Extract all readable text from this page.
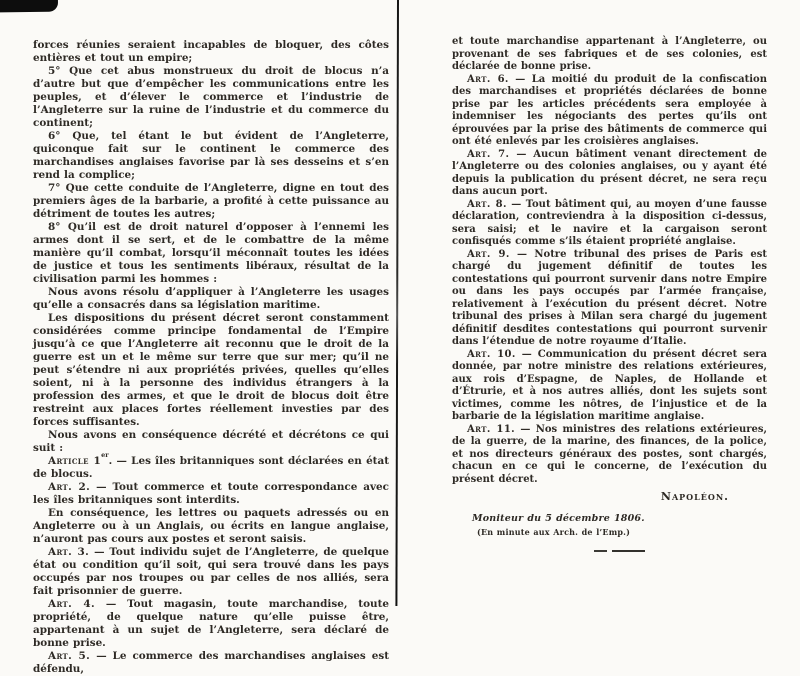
forces réunies seraient incapables de bloquer, des côtes entières et tout un empire;

5° Que cet abus monstrueux du droit de blocus n’a d’autre but que d’empêcher les communications entre les peuples, et d’élever le commerce et l’industrie de l’Angleterre sur la ruine de l’industrie et du commerce du continent;

6° Que, tel étant le but évident de l’Angleterre, quiconque fait sur le continent le commerce des marchandises anglaises favorise par là ses desseins et s’en rend la complice;

7° Que cette conduite de l’Angleterre, digne en tout des premiers âges de la barbarie, a profité à cette puissance au détriment de toutes les autres;

8° Qu’il est de droit naturel d’opposer à l’ennemi les armes dont il se sert, et de le combattre de la même manière qu’il combat, lorsqu’il méconnaît toutes les idées de justice et tous les sentiments libéraux, résultat de la civilisation parmi les hommes :

Nous avons résolu d’appliquer à l’Angleterre les usages qu’elle a consacrés dans sa législation maritime.

Les dispositions du présent décret seront constamment considérées comme principe fondamental de l’Empire jusqu’à ce que l’Angleterre ait reconnu que le droit de la guerre est un et le même sur terre que sur mer; qu’il ne peut s’étendre ni aux propriétés privées, quelles qu’elles soient, ni à la personne des individus étrangers à la profession des armes, et que le droit de blocus doit être restreint aux places fortes réellement investies par des forces suffisantes.

Nous avons en conséquence décrété et décrétons ce qui suit :

Article 1er. — Les îles britanniques sont déclarées en état de blocus.

Art. 2. — Tout commerce et toute correspondance avec les îles britanniques sont interdits.

En conséquence, les lettres ou paquets adressés ou en Angleterre ou à un Anglais, ou écrits en langue anglaise, n’auront pas cours aux postes et seront saisis.

Art. 3. — Tout individu sujet de l’Angleterre, de quelque état ou condition qu’il soit, qui sera trouvé dans les pays occupés par nos troupes ou par celles de nos alliés, sera fait prisonnier de guerre.

Art. 4. — Tout magasin, toute marchandise, toute propriété, de quelque nature qu’elle puisse être, appartenant à un sujet de l’Angleterre, sera déclaré de bonne prise.

Art. 5. — Le commerce des marchandises anglaises est défendu,

et toute marchandise appartenant à l’Angleterre, ou provenant de ses fabriques et de ses colonies, est déclarée de bonne prise.

Art. 6. — La moitié du produit de la confiscation des marchandises et propriétés déclarées de bonne prise par les articles précédents sera employée à indemniser les négociants des pertes qu’ils ont éprouvées par la prise des bâtiments de commerce qui ont été enlevés par les croisières anglaises.

Art. 7. — Aucun bâtiment venant directement de l’Angleterre ou des colonies anglaises, ou y ayant été depuis la publication du présent décret, ne sera reçu dans aucun port.

Art. 8. — Tout bâtiment qui, au moyen d’une fausse déclaration, contreviendra à la disposition ci-dessus, sera saisi; et le navire et la cargaison seront confisqués comme s’ils étaient propriété anglaise.

Art. 9. — Notre tribunal des prises de Paris est chargé du jugement définitif de toutes les contestations qui pourront survenir dans notre Empire ou dans les pays occupés par l’armée française, relativement à l’exécution du présent décret. Notre tribunal des prises à Milan sera chargé du jugement définitif desdites contestations qui pourront survenir dans l’étendue de notre royaume d’Italie.

Art. 10. — Communication du présent décret sera donnée, par notre ministre des relations extérieures, aux rois d’Espagne, de Naples, de Hollande et d’Étrurie, et à nos autres alliés, dont les sujets sont victimes, comme les nôtres, de l’injustice et de la barbarie de la législation maritime anglaise.

Art. 11. — Nos ministres des relations extérieures, de la guerre, de la marine, des finances, de la police, et nos directeurs généraux des postes, sont chargés, chacun en ce qui le concerne, de l’exécution du présent décret.

Napoléon.
Moniteur du 5 décembre 1806.
(En minute aux Arch. de l’Emp.)
